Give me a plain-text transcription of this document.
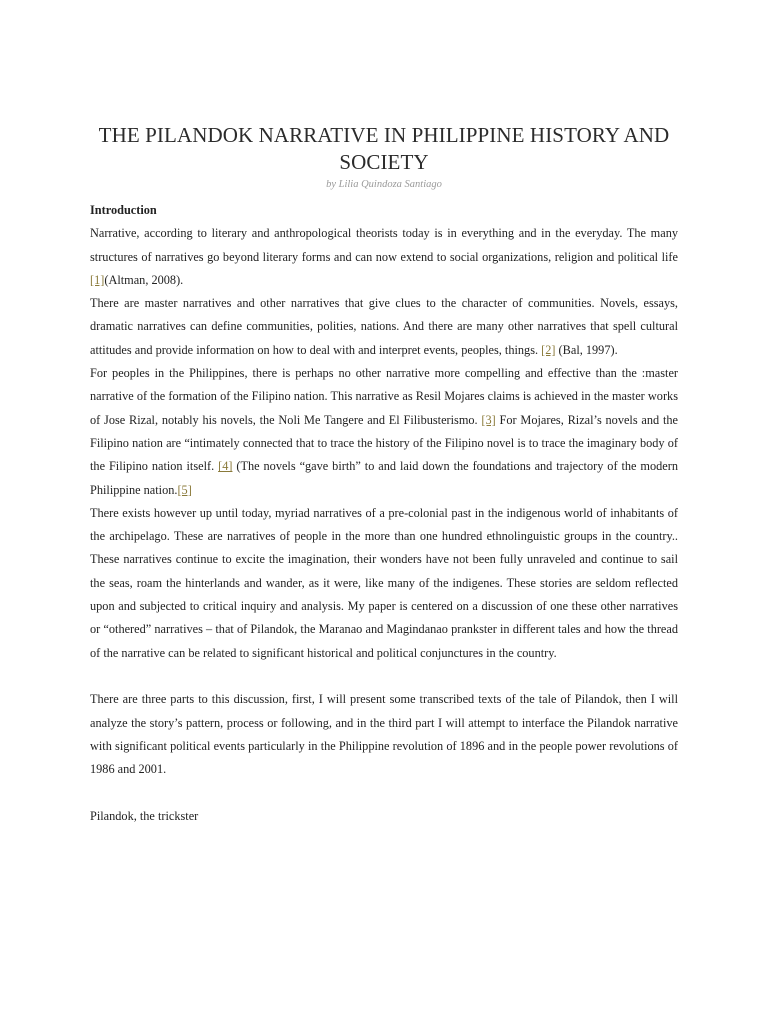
THE PILANDOK NARRATIVE IN PHILIPPINE HISTORY AND SOCIETY
by Lilia Quindoza Santiago
Introduction

Narrative, according to literary and anthropological theorists today is in everything and in the everyday. The many structures of narratives go beyond literary forms and can now extend to social organizations, religion and political life [1](Altman, 2008).

There are master narratives and other narratives that give clues to the character of communities. Novels, essays, dramatic narratives can define communities, polities, nations. And there are many other narratives that spell cultural attitudes and provide information on how to deal with and interpret events, peoples, things. [2] (Bal, 1997).

For peoples in the Philippines, there is perhaps no other narrative more compelling and effective than the :master narrative of the formation of the Filipino nation. This narrative as Resil Mojares claims is achieved in the master works of Jose Rizal, notably his novels, the Noli Me Tangere and El Filibusterismo. [3] For Mojares, Rizal’s novels and the Filipino nation are “intimately connected that to trace the history of the Filipino novel is to trace the imaginary body of the Filipino nation itself. [4] (The novels “gave birth” to and laid down the foundations and trajectory of the modern Philippine nation.[5]

There exists however up until today, myriad narratives of a pre-colonial past in the indigenous world of inhabitants of the archipelago. These are narratives of people in the more than one hundred ethnolinguistic groups in the country.. These narratives continue to excite the imagination, their wonders have not been fully unraveled and continue to sail the seas, roam the hinterlands and wander, as it were, like many of the indigenes. These stories are seldom reflected upon and subjected to critical inquiry and analysis. My paper is centered on a discussion of one these other narratives or “othered” narratives – that of Pilandok, the Maranao and Magindanao prankster in different tales and how the thread of the narrative can be related to significant historical and political conjunctures in the country.

There are three parts to this discussion, first, I will present some transcribed texts of the tale of Pilandok, then I will analyze the story’s pattern, process or following, and in the third part I will attempt to interface the Pilandok narrative with significant political events particularly in the Philippine revolution of 1896 and in the people power revolutions of 1986 and 2001.

Pilandok, the trickster
